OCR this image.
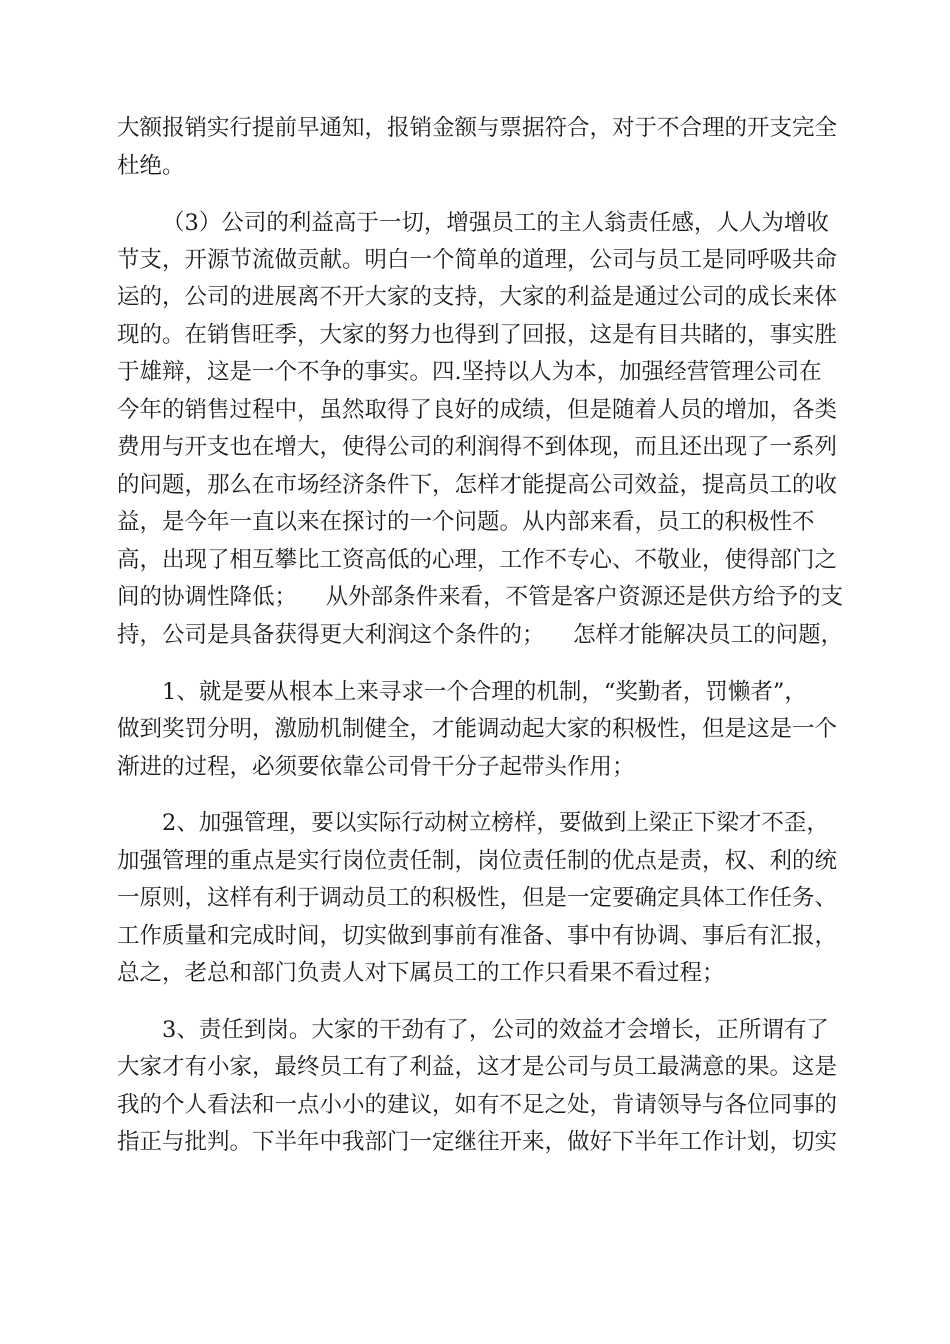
大额报销实行提前早通知，报销金额与票据符合，对于不合理的开支完全
杜绝。
（3）公司的利益高于一切，增强员工的主人翁责任感，人人为增收
节支，开源节流做贡献。明白一个简单的道理，公司与员工是同呼吸共命
运的，公司的进展离不开大家的支持，大家的利益是通过公司的成长来体
现的。在销售旺季，大家的努力也得到了回报，这是有目共睹的，事实胜
于雄辩，这是一个不争的事实。四.坚持以人为本，加强经营管理公司在
今年的销售过程中，虽然取得了良好的成绩，但是随着人员的增加，各类
费用与开支也在增大，使得公司的利润得不到体现，而且还出现了一系列
的问题，那么在市场经济条件下，怎样才能提高公司效益，提高员工的收
益，是今年一直以来在探讨的一个问题。从内部来看，员工的积极性不
高，出现了相互攀比工资高低的心理，工作不专心、不敬业，使得部门之
间的协调性降低；    从外部条件来看，不管是客户资源还是供方给予的支
持，公司是具备获得更大利润这个条件的；    怎样才能解决员工的问题，
1、就是要从根本上来寻求一个合理的机制，“奖勤者，罚懒者”，
做到奖罚分明，激励机制健全，才能调动起大家的积极性，但是这是一个
渐进的过程，必须要依靠公司骨干分子起带头作用；
2、加强管理，要以实际行动树立榜样，要做到上梁正下梁才不歪，
加强管理的重点是实行岗位责任制，岗位责任制的优点是责，权、利的统
一原则，这样有利于调动员工的积极性，但是一定要确定具体工作任务、
工作质量和完成时间，切实做到事前有准备、事中有协调、事后有汇报，
总之，老总和部门负责人对下属员工的工作只看果不看过程；
3、责任到岗。大家的干劲有了，公司的效益才会增长，正所谓有了
大家才有小家，最终员工有了利益，这才是公司与员工最满意的果。这是
我的个人看法和一点小小的建议，如有不足之处，肯请领导与各位同事的
指正与批判。下半年中我部门一定继往开来，做好下半年工作计划，切实
